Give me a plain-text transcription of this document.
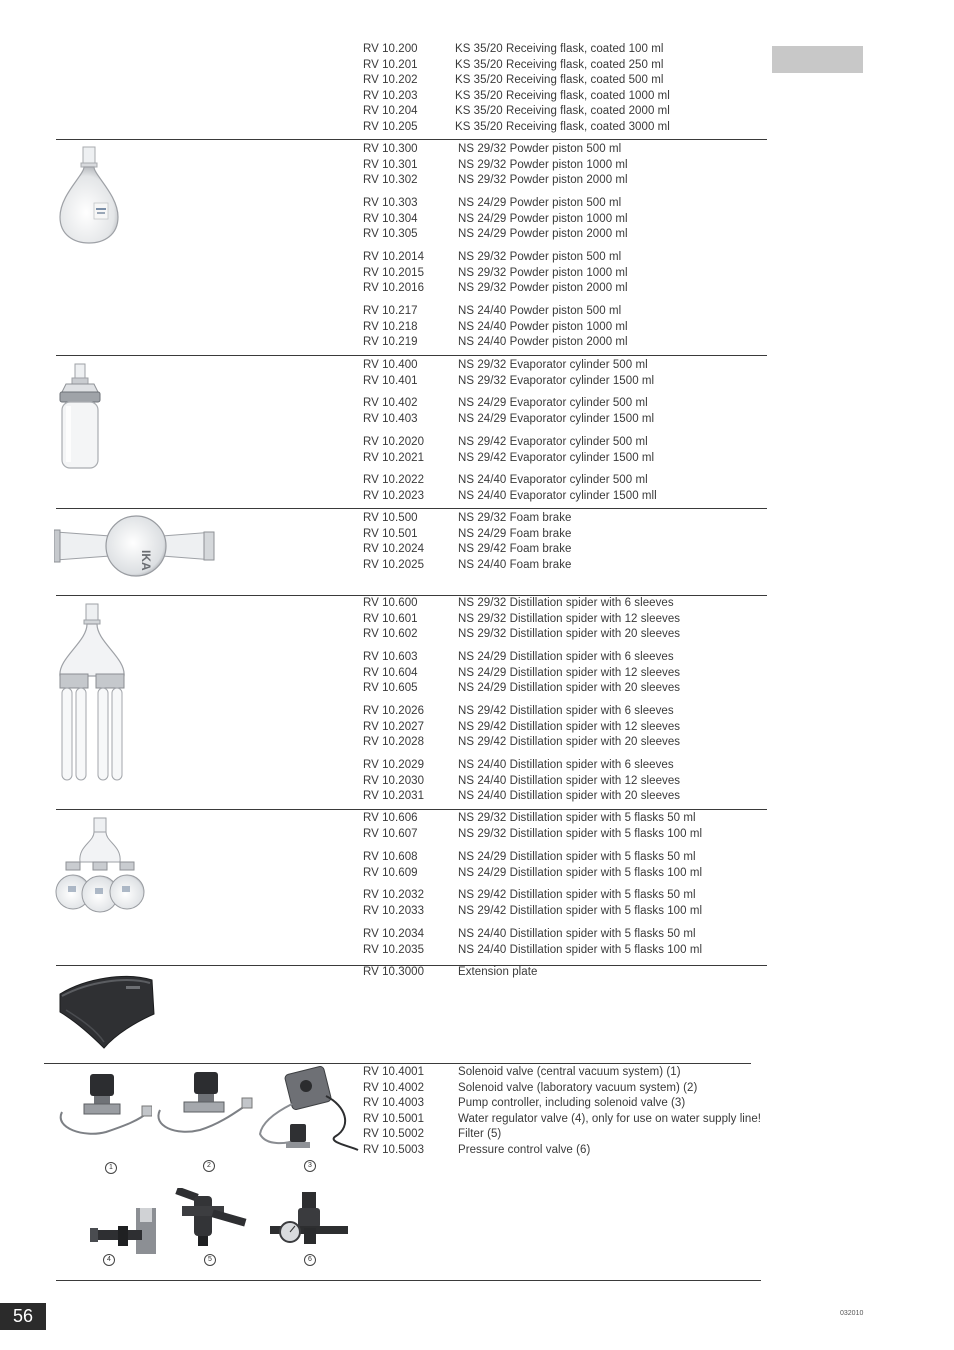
RV 10.200	KS 35/20 Receiving flask, coated 100 ml
RV 10.201	KS 35/20 Receiving flask, coated 250 ml
RV 10.202	KS 35/20 Receiving flask, coated 500 ml
RV 10.203	KS 35/20 Receiving flask, coated 1000 ml
RV 10.204	KS 35/20 Receiving flask, coated 2000 ml
RV 10.205	KS 35/20 Receiving flask, coated 3000 ml
RV 10.300	NS 29/32 Powder piston 500 ml
RV 10.301	NS 29/32 Powder piston 1000 ml
RV 10.302	NS 29/32 Powder piston 2000 ml
RV 10.303	NS 24/29 Powder piston 500 ml
RV 10.304	NS 24/29 Powder piston 1000 ml
RV 10.305	NS 24/29 Powder piston 2000 ml
RV 10.2014	NS 29/32 Powder piston 500 ml
RV 10.2015	NS 29/32 Powder piston 1000 ml
RV 10.2016	NS 29/32 Powder piston 2000 ml
RV 10.217	NS 24/40 Powder piston 500 ml
RV 10.218	NS 24/40 Powder piston 1000 ml
RV 10.219	NS 24/40 Powder piston 2000 ml
RV 10.400	NS 29/32 Evaporator cylinder 500 ml
RV 10.401	NS 29/32 Evaporator cylinder 1500 ml
RV 10.402	NS 24/29 Evaporator cylinder 500 ml
RV 10.403	NS 24/29 Evaporator cylinder 1500 ml
RV 10.2020	NS 29/42 Evaporator cylinder 500 ml
RV 10.2021	NS 29/42 Evaporator cylinder 1500 ml
RV 10.2022	NS 24/40 Evaporator cylinder 500 ml
RV 10.2023	NS 24/40 Evaporator cylinder 1500 mll
IKA
RV 10.500	NS 29/32 Foam brake
RV 10.501	NS 24/29 Foam brake
RV 10.2024	NS 29/42 Foam brake
RV 10.2025	NS 24/40 Foam brake
RV 10.600	NS 29/32 Distillation spider with 6 sleeves
RV 10.601	NS 29/32 Distillation spider with 12 sleeves
RV 10.602	NS 29/32 Distillation spider with 20 sleeves
RV 10.603	NS 24/29 Distillation spider with 6 sleeves
RV 10.604	NS 24/29 Distillation spider with 12 sleeves
RV 10.605	NS 24/29 Distillation spider with 20 sleeves
RV 10.2026	NS 29/42 Distillation spider with 6 sleeves
RV 10.2027	NS 29/42 Distillation spider with 12 sleeves
RV 10.2028	NS 29/42 Distillation spider with 20 sleeves
RV 10.2029	NS 24/40 Distillation spider with 6 sleeves
RV 10.2030	NS 24/40 Distillation spider with 12 sleeves
RV 10.2031	NS 24/40 Distillation spider with 20 sleeves
RV 10.606	NS 29/32 Distillation spider with 5 flasks 50 ml
RV 10.607	NS 29/32 Distillation spider with 5 flasks 100 ml
RV 10.608	NS 24/29 Distillation spider with 5 flasks 50 ml
RV 10.609	NS 24/29 Distillation spider with 5 flasks 100 ml
RV 10.2032	NS 29/42 Distillation spider with 5 flasks 50 ml
RV 10.2033	NS 29/42 Distillation spider with 5 flasks 100 ml
RV 10.2034	NS 24/40 Distillation spider with 5 flasks 50 ml
RV 10.2035	NS 24/40 Distillation spider with 5 flasks 100 ml
RV 10.3000	Extension plate
1	2	3
4	5	6
RV 10.4001	Solenoid valve (central vacuum system) (1)
RV 10.4002	Solenoid valve (laboratory vacuum system) (2)
RV 10.4003	Pump controller, including solenoid valve (3)
RV 10.5001	Water regulator valve (4), only for use on water supply line!
RV 10.5002	Filter (5)
RV 10.5003	Pressure control valve (6)
56	032010
